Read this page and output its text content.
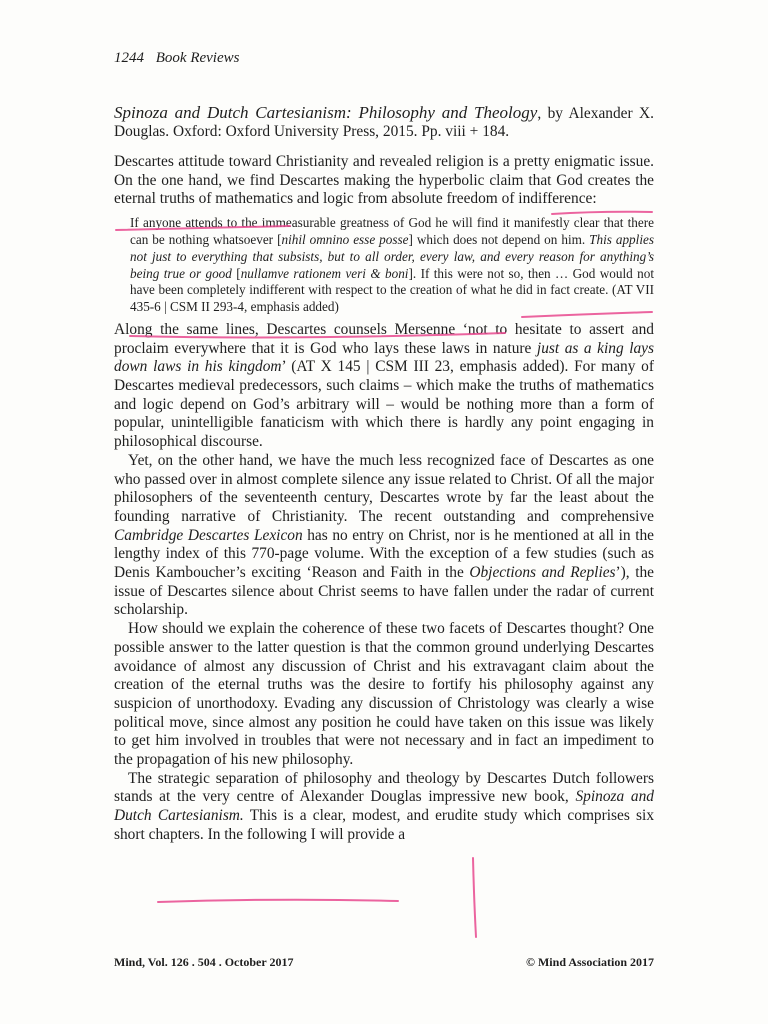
1244 Book Reviews
Spinoza and Dutch Cartesianism: Philosophy and Theology, by Alexander X. Douglas. Oxford: Oxford University Press, 2015. Pp. viii + 184.

Descartes attitude toward Christianity and revealed religion is a pretty enigmatic issue. On the one hand, we find Descartes making the hyperbolic claim that God creates the eternal truths of mathematics and logic from absolute freedom of indifference:

If anyone attends to the immeasurable greatness of God he will find it manifestly clear that there can be nothing whatsoever [nihil omnino esse posse] which does not depend on him. This applies not just to everything that subsists, but to all order, every law, and every reason for anything’s being true or good [nullamve rationem veri & boni]. If this were not so, then … God would not have been completely indifferent with respect to the creation of what he did in fact create. (AT VII 435-6 | CSM II 293-4, emphasis added)

Along the same lines, Descartes counsels Mersenne ‘not to hesitate to assert and proclaim everywhere that it is God who lays these laws in nature just as a king lays down laws in his kingdom’ (AT X 145 | CSM III 23, emphasis added). For many of Descartes medieval predecessors, such claims – which make the truths of mathematics and logic depend on God’s arbitrary will – would be nothing more than a form of popular, unintelligible fanaticism with which there is hardly any point engaging in philosophical discourse.

Yet, on the other hand, we have the much less recognized face of Descartes as one who passed over in almost complete silence any issue related to Christ. Of all the major philosophers of the seventeenth century, Descartes wrote by far the least about the founding narrative of Christianity. The recent outstanding and comprehensive Cambridge Descartes Lexicon has no entry on Christ, nor is he mentioned at all in the lengthy index of this 770-page volume. With the exception of a few studies (such as Denis Kamboucher’s exciting ‘Reason and Faith in the Objections and Replies’), the issue of Descartes silence about Christ seems to have fallen under the radar of current scholarship.

How should we explain the coherence of these two facets of Descartes thought? One possible answer to the latter question is that the common ground underlying Descartes avoidance of almost any discussion of Christ and his extravagant claim about the creation of the eternal truths was the desire to fortify his philosophy against any suspicion of unorthodoxy. Evading any discussion of Christology was clearly a wise political move, since almost any position he could have taken on this issue was likely to get him involved in troubles that were not necessary and in fact an impediment to the propagation of his new philosophy.

The strategic separation of philosophy and theology by Descartes Dutch followers stands at the very centre of Alexander Douglas impressive new book, Spinoza and Dutch Cartesianism. This is a clear, modest, and erudite study which comprises six short chapters. In the following I will provide a

Mind, Vol. 126 . 504 . October 2017	© Mind Association 2017
